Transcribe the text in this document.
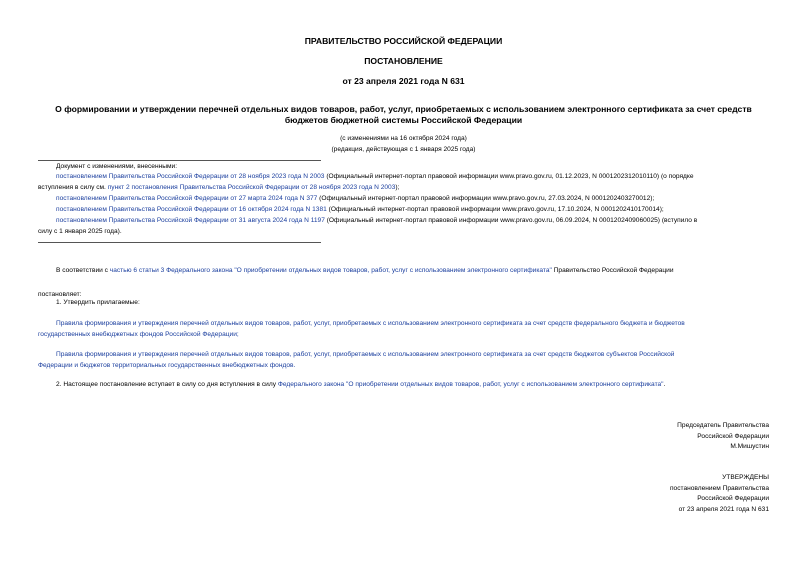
ПРАВИТЕЛЬСТВО РОССИЙСКОЙ ФЕДЕРАЦИИ
ПОСТАНОВЛЕНИЕ
от 23 апреля 2021 года N 631
О формировании и утверждении перечней отдельных видов товаров, работ, услуг, приобретаемых с использованием электронного сертификата за счет средств
бюджетов бюджетной системы Российской Федерации
(с изменениями на 16 октября 2024 года)
(редакция, действующая с 1 января 2025 года)
Документ с изменениями, внесенными:
постановлением Правительства Российской Федерации от 28 ноября 2023 года N 2003 (Официальный интернет-портал правовой информации www.pravo.gov.ru, 01.12.2023, N 0001202312010110) (о порядке
вступления в силу см. пункт 2 постановления Правительства Российской Федерации от 28 ноября 2023 года N 2003);
постановлением Правительства Российской Федерации от 27 марта 2024 года N 377 (Официальный интернет-портал правовой информации www.pravo.gov.ru, 27.03.2024, N 0001202403270012);
постановлением Правительства Российской Федерации от 16 октября 2024 года N 1381 (Официальный интернет-портал правовой информации www.pravo.gov.ru, 17.10.2024, N 0001202410170014);
постановлением Правительства Российской Федерации от 31 августа 2024 года N 1197 (Официальный интернет-портал правовой информации www.pravo.gov.ru, 06.09.2024, N 0001202409060025) (вступило в
силу с 1 января 2025 года).
В соответствии с частью 6 статьи 3 Федерального закона "О приобретении отдельных видов товаров, работ, услуг с использованием электронного сертификата" Правительство Российской Федерации
постановляет:
1. Утвердить прилагаемые:
Правила формирования и утверждения перечней отдельных видов товаров, работ, услуг, приобретаемых с использованием электронного сертификата за счет средств федерального бюджета и бюджетов
государственных внебюджетных фондов Российской Федерации;
Правила формирования и утверждения перечней отдельных видов товаров, работ, услуг, приобретаемых с использованием электронного сертификата за счет средств бюджетов субъектов Российской
Федерации и бюджетов территориальных государственных внебюджетных фондов.
2. Настоящее постановление вступает в силу со дня вступления в силу Федерального закона "О приобретении отдельных видов товаров, работ, услуг с использованием электронного сертификата".
Председатель Правительства
Российской Федерации
М.Мишустин
УТВЕРЖДЕНЫ
постановлением Правительства
Российской Федерации
от 23 апреля 2021 года N 631
